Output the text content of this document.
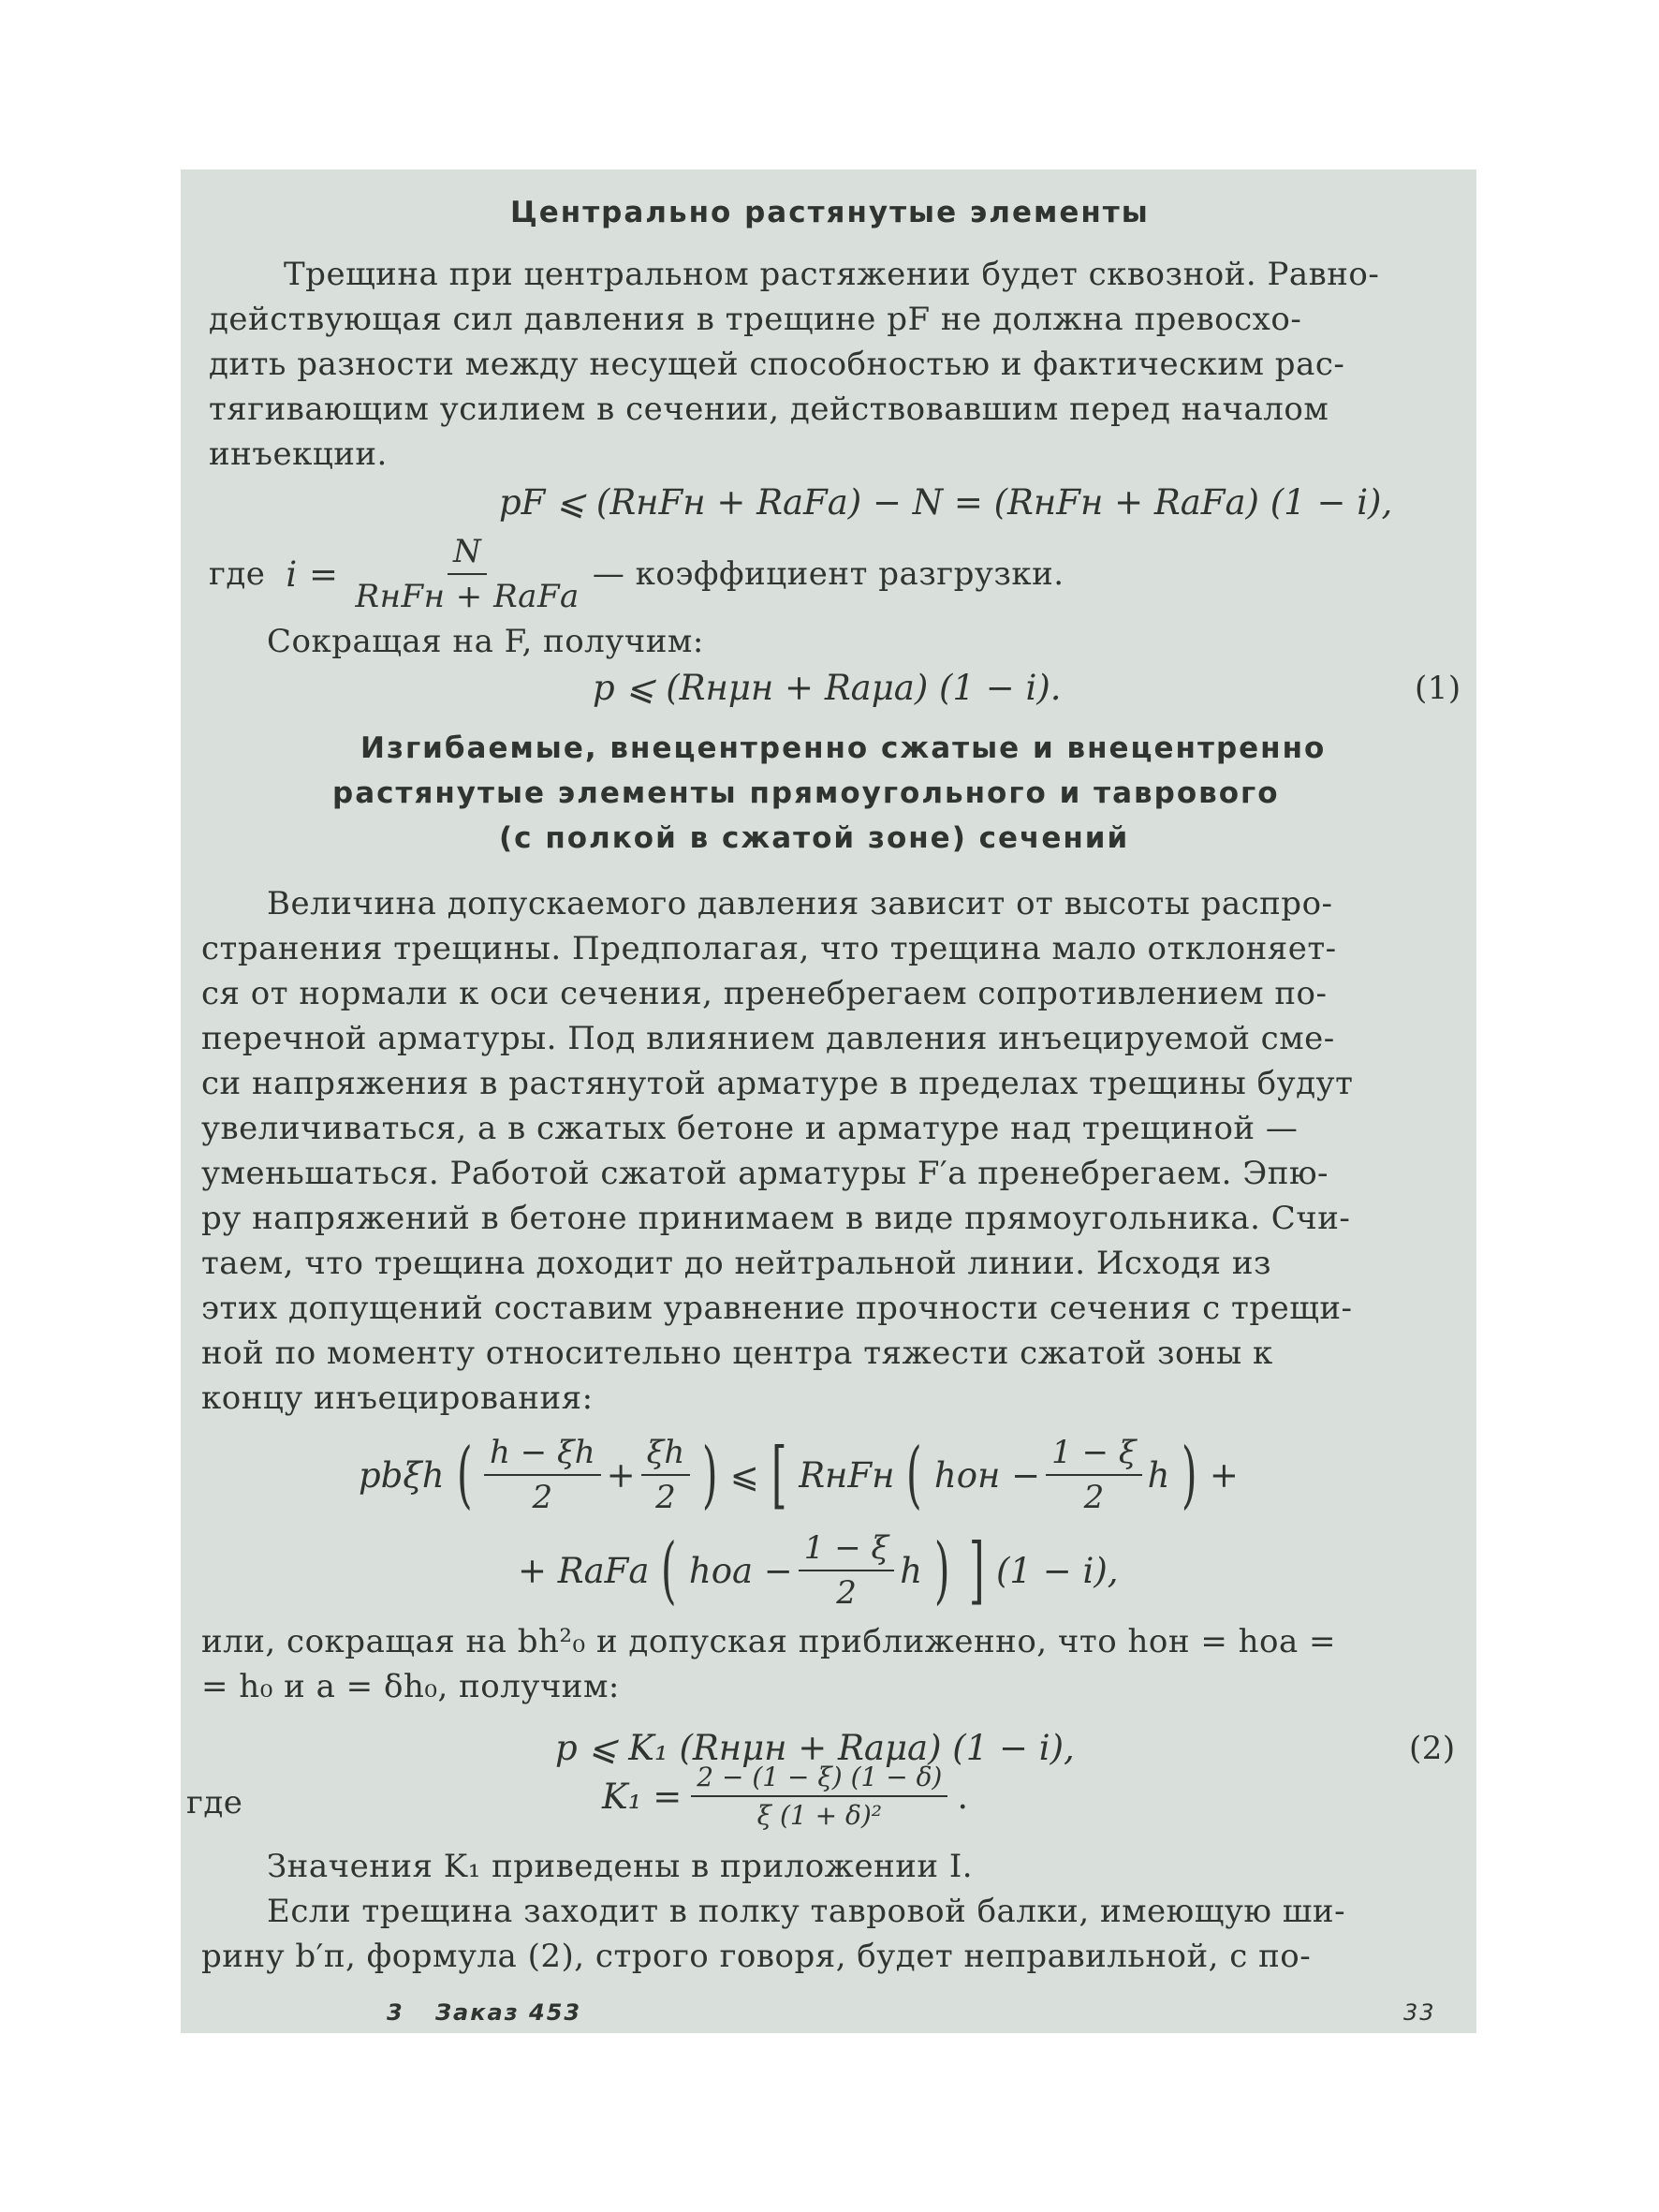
Центрально растянутые элементы
Трещина при центральном растяжении будет сквозной. Равно-
действующая сил давления в трещине pF не должна превосхо-
дить разности между несущей способностью и фактическим рас-
тягивающим усилием в сечении, действовавшим перед началом
инъекции.
pF ⩽ (RнFн + RаFа) − N = (RнFн + RаFа) (1 − i),
где $i = \frac{N}{\text{RнFн + RаFа}}$ — коэффициент разгрузки.
Сокращая на F, получим:
p ⩽ (Rнμн + Rаμа) (1 − i).	(1)
Изгибаемые, внецентренно сжатые и внецентренно
растянутые элементы прямоугольного и таврового
(с полкой в сжатой зоне) сечений
Величина допускаемого давления зависит от высоты распро-
странения трещины. Предполагая, что трещина мало отклоняет-
ся от нормали к оси сечения, пренебрегаем сопротивлением по-
перечной арматуры. Под влиянием давления инъецируемой сме-
си напряжения в растянутой арматуре в пределах трещины будут
увеличиваться, а в сжатых бетоне и арматуре над трещиной —
уменьшаться. Работой сжатой арматуры F′а пренебрегаем. Эпю-
ру напряжений в бетоне принимаем в виде прямоугольника. Счи-
таем, что трещина доходит до нейтральной линии. Исходя из
этих допущений составим уравнение прочности сечения с трещи-
ной по моменту относительно центра тяжести сжатой зоны к
концу инъецирования:
pbξh ( $\frac{h - \xi h}{2} + \frac{\xi h}{2}$ ) ⩽ [ RнFн ( hон − $\frac{1 - \xi}{2}$ h ) +
+ RаFа ( hоа − $\frac{1 - \xi}{2}$ h ) ] (1 − i),
или, сокращая на bh²₀ и допуская приближенно, что hон = hоа =
= h₀ и a = δh₀, получим:
p ⩽ K₁ (Rнμн + Rаμа) (1 − i),	(2)
где	$K_1 = \frac{2 - (1 - \xi) (1 - \delta)}{\text{ξ (1 + δ)²}}$ .
Значения K₁ приведены в приложении I.
Если трещина заходит в полку тавровой балки, имеющую ши-
рину b′п, формула (2), строго говоря, будет неправильной, с по-
3 Заказ 453	33
